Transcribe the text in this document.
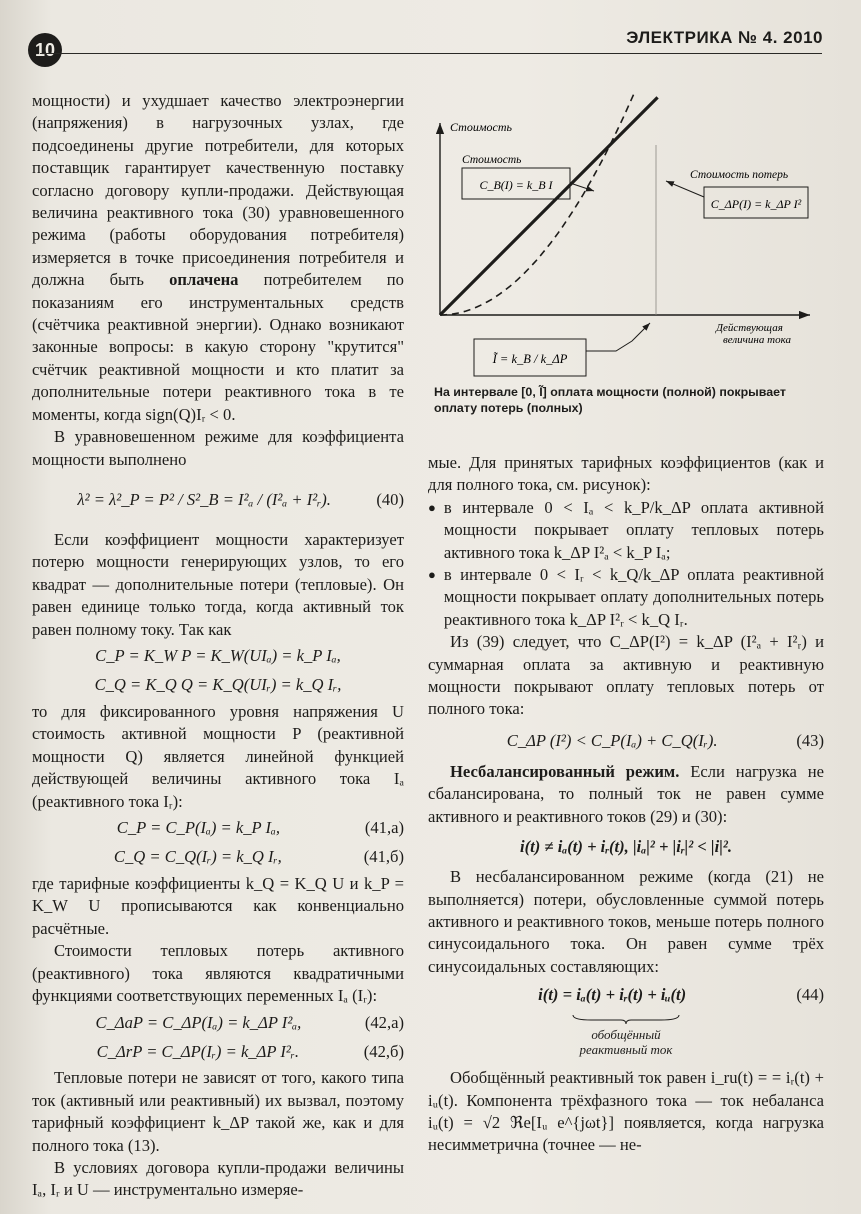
10
ЭЛЕКТРИКА № 4. 2010
Стоимость
Действующая
величина тока
Стоимость
C_B(I) = k_B I
Стоимость потерь
C_ΔP(I) = k_ΔP I²
Ĩ = k_B / k_ΔP
На интервале [0, Ĩ] оплата мощности (полной) покрывает оплату потерь (полных)

мощности) и ухудшает качество электроэнергии (напряжения) в нагрузочных узлах, где подсоединены другие потребители, для которых поставщик гарантирует качественную поставку согласно договору купли-продажи. Действующая величина реактивного тока (30) уравновешенного режима (работы оборудования потребителя) измеряется в точке присоединения потребителя и должна быть оплачена потребителем по показаниям его инструментальных средств (счётчика реактивной энергии). Однако возникают законные вопросы: в какую сторону "крутится" счётчик реактивной мощности и кто платит за дополнительные потери реактивного тока в те моменты, когда sign(Q)Iᵣ < 0.

В уравновешенном режиме для коэффициента мощности выполнено

λ² = λ²_P = P² / S²_B = I²ₐ / (I²ₐ + I²ᵣ).	(40)

Если коэффициент мощности характеризует потерю мощности генерирующих узлов, то его квадрат — дополнительные потери (тепловые). Он равен единице только тогда, когда активный ток равен полному току. Так как

C_P = K_W P = K_W(UIₐ) = k_P Iₐ,
C_Q = K_Q Q = K_Q(UIᵣ) = k_Q Iᵣ,

то для фиксированного уровня напряжения U стоимость активной мощности P (реактивной мощности Q) является линейной функцией действующей величины активного тока Iₐ (реактивного тока Iᵣ):

C_P = C_P(Iₐ) = k_P Iₐ,	(41,а)
C_Q = C_Q(Iᵣ) = k_Q Iᵣ,	(41,б)

где тарифные коэффициенты k_Q = K_Q U и k_P = K_W U прописываются как конвенциально расчётные.

Стоимости тепловых потерь активного (реактивного) тока являются квадратичными функциями соответствующих переменных Iₐ (Iᵣ):

C_ΔaP = C_ΔP(Iₐ) = k_ΔP I²ₐ,	(42,а)
C_ΔrP = C_ΔP(Iᵣ) = k_ΔP I²ᵣ.	(42,б)

Тепловые потери не зависят от того, какого типа ток (активный или реактивный) их вызвал, поэтому тарифный коэффициент k_ΔP такой же, как и для полного тока (13).

В условиях договора купли-продажи величины Iₐ, Iᵣ и U — инструментально измеряе-

мые. Для принятых тарифных коэффициентов (как и для полного тока, см. рисунок):

● в интервале 0 < Iₐ < k_P/k_ΔP оплата активной мощности покрывает оплату тепловых потерь активного тока k_ΔP I²ₐ < k_P Iₐ;
● в интервале 0 < Iᵣ < k_Q/k_ΔP оплата реактивной мощности покрывает оплату дополнительных потерь реактивного тока k_ΔP I²ᵣ < k_Q Iᵣ.

Из (39) следует, что C_ΔP(I²) = k_ΔP (I²ₐ + I²ᵣ) и суммарная оплата за активную и реактивную мощности покрывают оплату тепловых потерь от полного тока:

C_ΔP (I²) < C_P(Iₐ) + C_Q(Iᵣ).	(43)

Несбалансированный режим. Если нагрузка не сбалансирована, то полный ток не равен сумме активного и реактивного токов (29) и (30):

i(t) ≠ iₐ(t) + iᵣ(t), |iₐ|² + |iᵣ|² < |i|².

В несбалансированном режиме (когда (21) не выполняется) потери, обусловленные суммой потерь активного и реактивного токов, меньше потерь полного синусоидального тока. Он равен сумме трёх синусоидальных составляющих:

i(t) = iₐ(t) + iᵣ(t) + iᵤ(t)	(44)
обобщённый
реактивный ток

Обобщённый реактивный ток равен i_ru(t) = = iᵣ(t) + iᵤ(t). Компонента трёхфазного тока — ток небаланса iᵤ(t) = √2 ℜe[Iᵤ e^{jωt}] появляется, когда нагрузка несимметрична (точнее — не-
